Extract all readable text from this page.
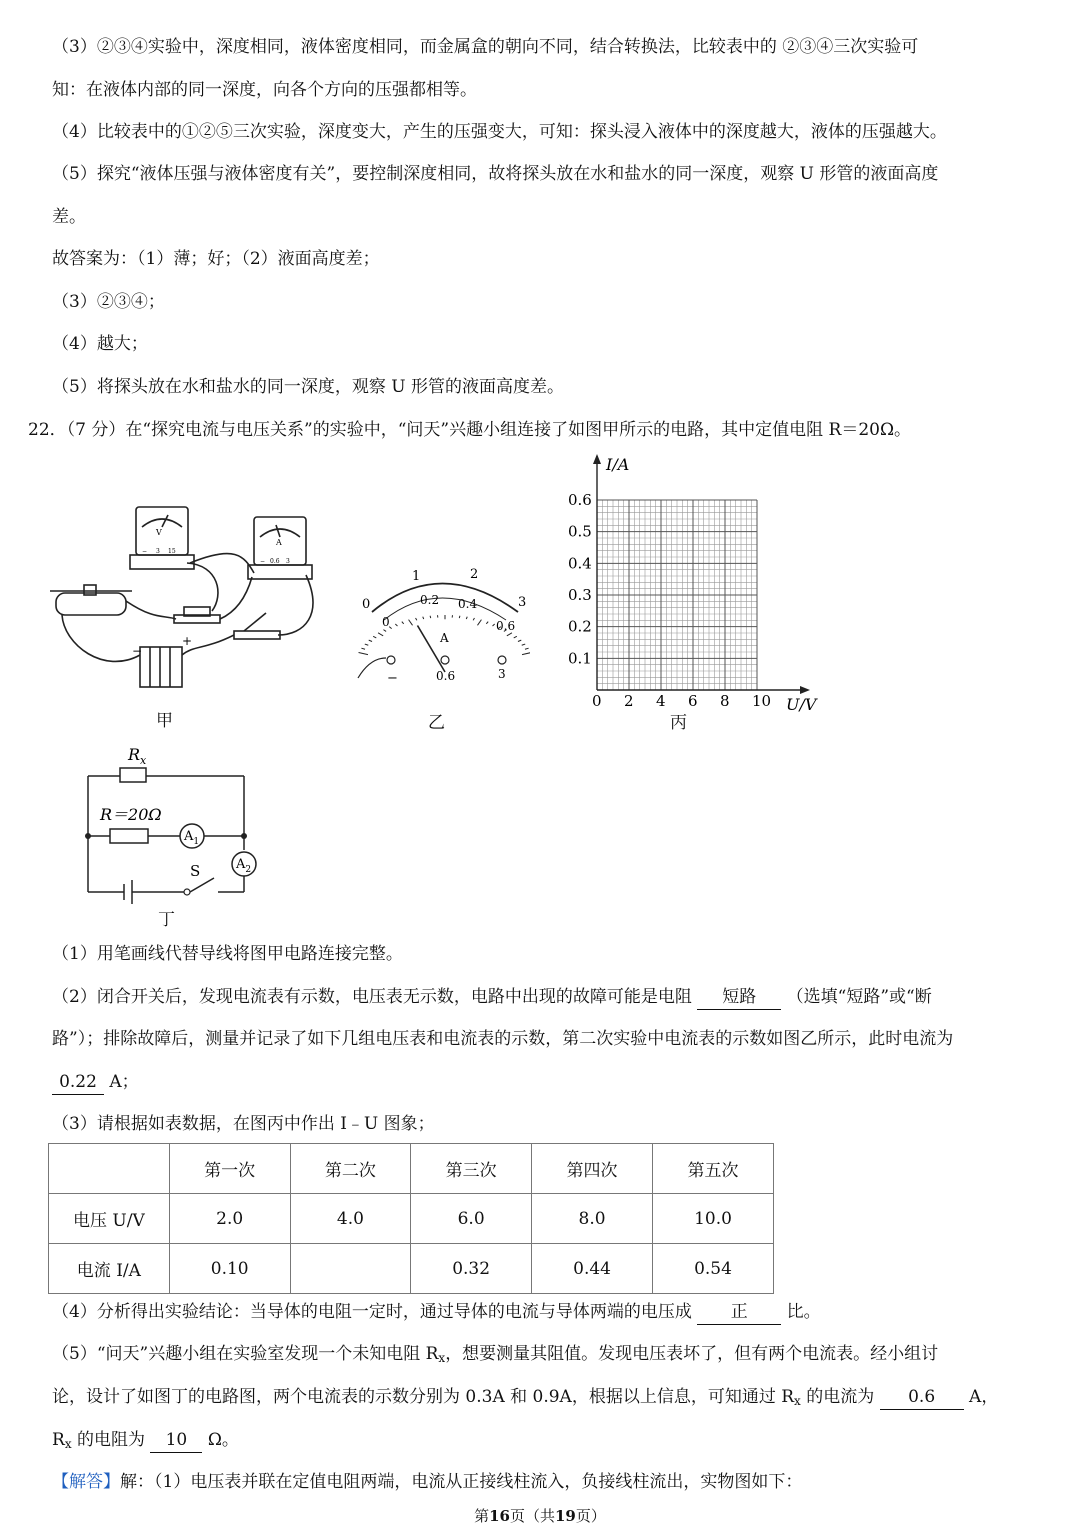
（3）②③④实验中，深度相同，液体密度相同，而金属盒的朝向不同，结合转换法，比较表中的 ②③④三次实验可
知：在液体内部的同一深度，向各个方向的压强都相等。
（4）比较表中的①②⑤三次实验，深度变大，产生的压强变大，可知：探头浸入液体中的深度越大，液体的压强越大。
（5）探究“液体压强与液体密度有关”，要控制深度相同，故将探头放在水和盐水的同一深度，观察 U 形管的液面高度
差。
故答案为：（1）薄；好；（2）液面高度差；
（3）②③④；
（4）越大；
（5）将探头放在水和盐水的同一深度，观察 U 形管的液面高度差。
22．（7 分）在“探究电流与电压关系”的实验中，“问天”兴趣小组连接了如图甲所示的电路，其中定值电阻 R＝20Ω。
V
A
− 3 15
− 0.6 3
−
+
甲
0
1	2
3
0
0.2 0.4
0.6
A
−	0.6	3
乙
I/A
U/V
0.1
0.2
0.3
0.4
0.5
0.6
0 2 4 6 8 10
丙
$R_x$
R＝20Ω
$A_1$
$A_2$
S
丁
（1）用笔画线代替导线将图甲电路连接完整。
（2）闭合开关后，发现电流表有示数，电压表无示数，电路中出现的故障可能是电阻 短路 （选填“短路”或“断
路”）；排除故障后，测量并记录了如下几组电压表和电流表的示数，第二次实验中电流表的示数如图乙所示，此时电流为
0.22 A；
（3）请根据如表数据，在图丙中作出 I﹣U 图象；
	第一次	第二次	第三次	第四次	第五次
电压 U/V	2.0	4.0	6.0	8.0	10.0
电流 I/A	0.10		0.32	0.44	0.54
（4）分析得出实验结论：当导体的电阻一定时，通过导体的电流与导体两端的电压成 正 比。
（5）“问天”兴趣小组在实验室发现一个未知电阻 $R_x$，想要测量其阻值。发现电压表坏了，但有两个电流表。经小组讨
论，设计了如图丁的电路图，两个电流表的示数分别为 0.3A 和 0.9A，根据以上信息，可知通过 $R_x$ 的电流为 0.6 A，
$R_x$ 的电阻为 10 Ω。
【解答】解：（1）电压表并联在定值电阻两端，电流从正接线柱流入，负接线柱流出，实物图如下：
第16页（共19页）
